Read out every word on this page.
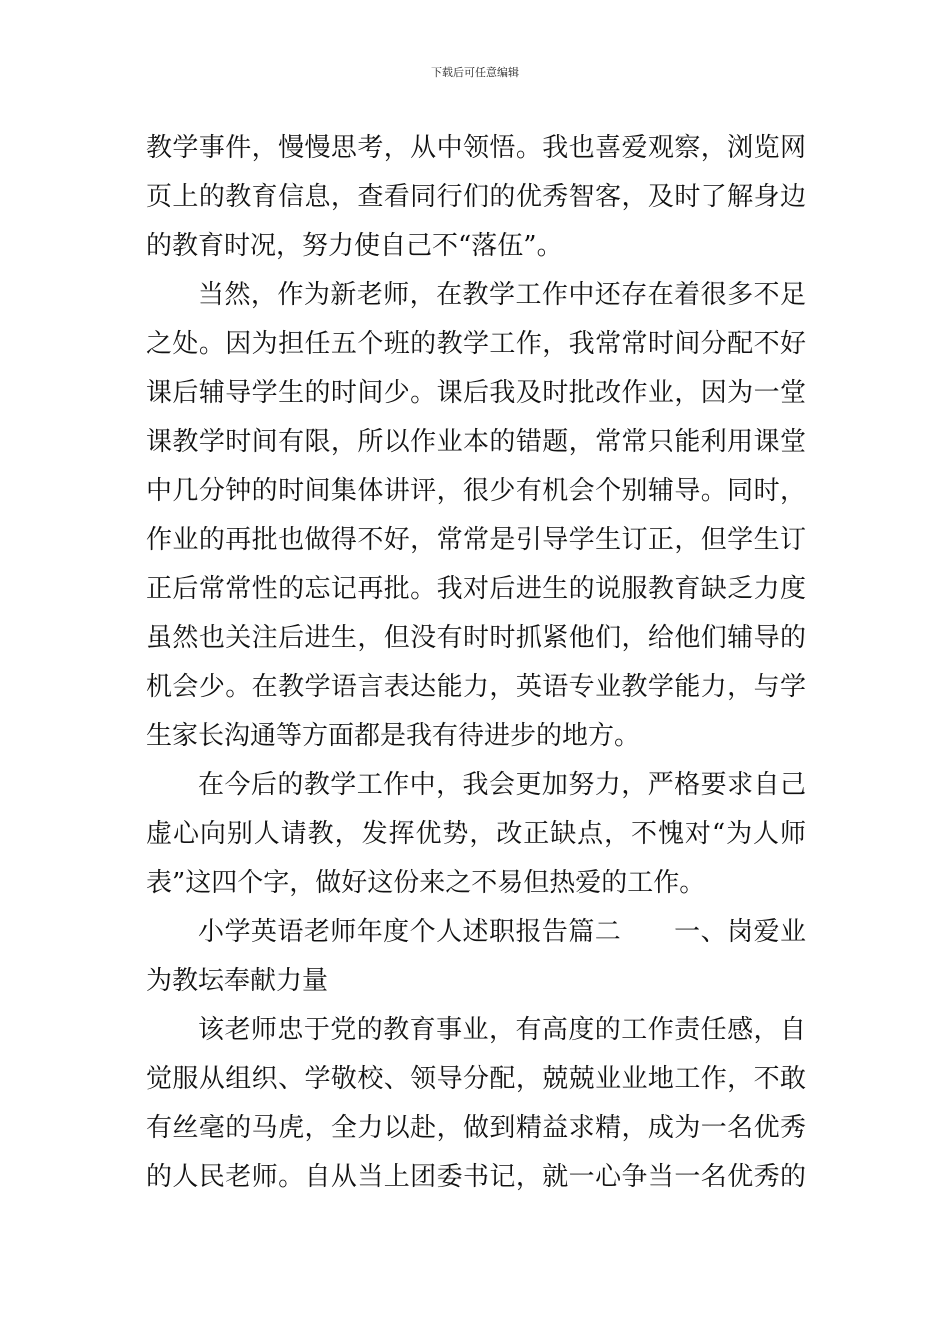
下载后可任意编辑
教学事件，慢慢思考，从中领悟。我也喜爱观察，浏览网
页上的教育信息，查看同行们的优秀智客，及时了解身边
的教育时况，努力使自己不“落伍”。
当然，作为新老师，在教学工作中还存在着很多不足
之处。因为担任五个班的教学工作，我常常时间分配不好
课后辅导学生的时间少。课后我及时批改作业，因为一堂
课教学时间有限，所以作业本的错题，常常只能利用课堂
中几分钟的时间集体讲评，很少有机会个别辅导。同时，
作业的再批也做得不好，常常是引导学生订正，但学生订
正后常常性的忘记再批。我对后进生的说服教育缺乏力度
虽然也关注后进生，但没有时时抓紧他们，给他们辅导的
机会少。在教学语言表达能力，英语专业教学能力，与学
生家长沟通等方面都是我有待进步的地方。
在今后的教学工作中，我会更加努力，严格要求自己
虚心向别人请教，发挥优势，改正缺点，不愧对“为人师
表”这四个字，做好这份来之不易但热爱的工作。
小学英语老师年度个人述职报告篇二　　一、岗爱业
为教坛奉献力量
该老师忠于党的教育事业，有高度的工作责任感，自
觉服从组织、学敬校、领导分配，兢兢业业地工作，不敢
有丝毫的马虎，全力以赴，做到精益求精，成为一名优秀
的人民老师。自从当上团委书记，就一心争当一名优秀的
